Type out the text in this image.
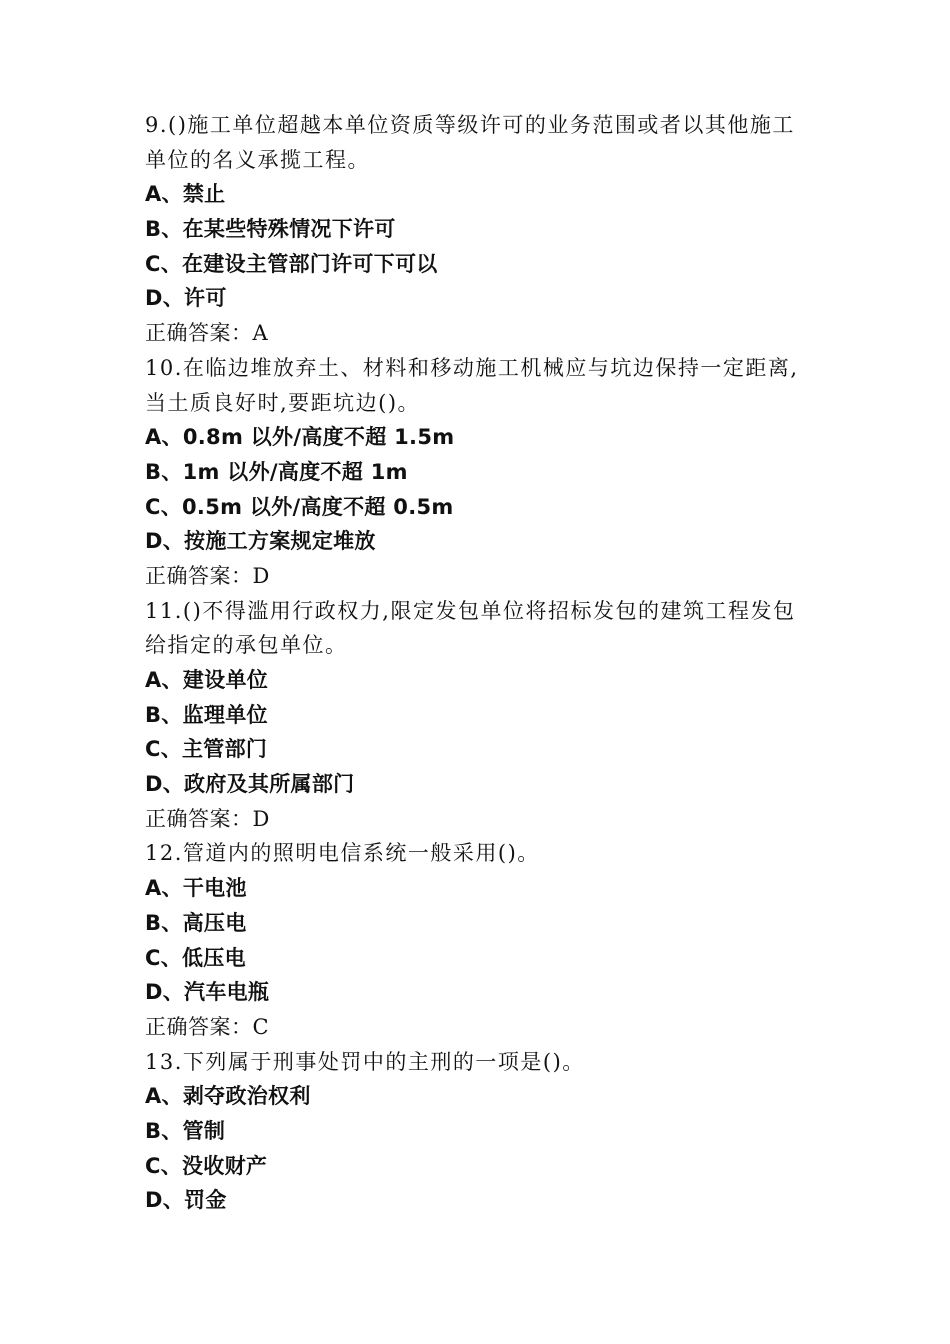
9.()施工单位超越本单位资质等级许可的业务范围或者以其他施工
单位的名义承揽工程。
A、禁止
B、在某些特殊情况下许可
C、在建设主管部门许可下可以
D、许可
正确答案：A
10.在临边堆放弃土、材料和移动施工机械应与坑边保持一定距离,
当土质良好时,要距坑边()。
A、0.8m 以外/高度不超 1.5m
B、1m 以外/高度不超 1m
C、0.5m 以外/高度不超 0.5m
D、按施工方案规定堆放
正确答案：D
11.()不得滥用行政权力,限定发包单位将招标发包的建筑工程发包
给指定的承包单位。
A、建设单位
B、监理单位
C、主管部门
D、政府及其所属部门
正确答案：D
12.管道内的照明电信系统一般采用()。
A、干电池
B、高压电
C、低压电
D、汽车电瓶
正确答案：C
13.下列属于刑事处罚中的主刑的一项是()。
A、剥夺政治权利
B、管制
C、没收财产
D、罚金
